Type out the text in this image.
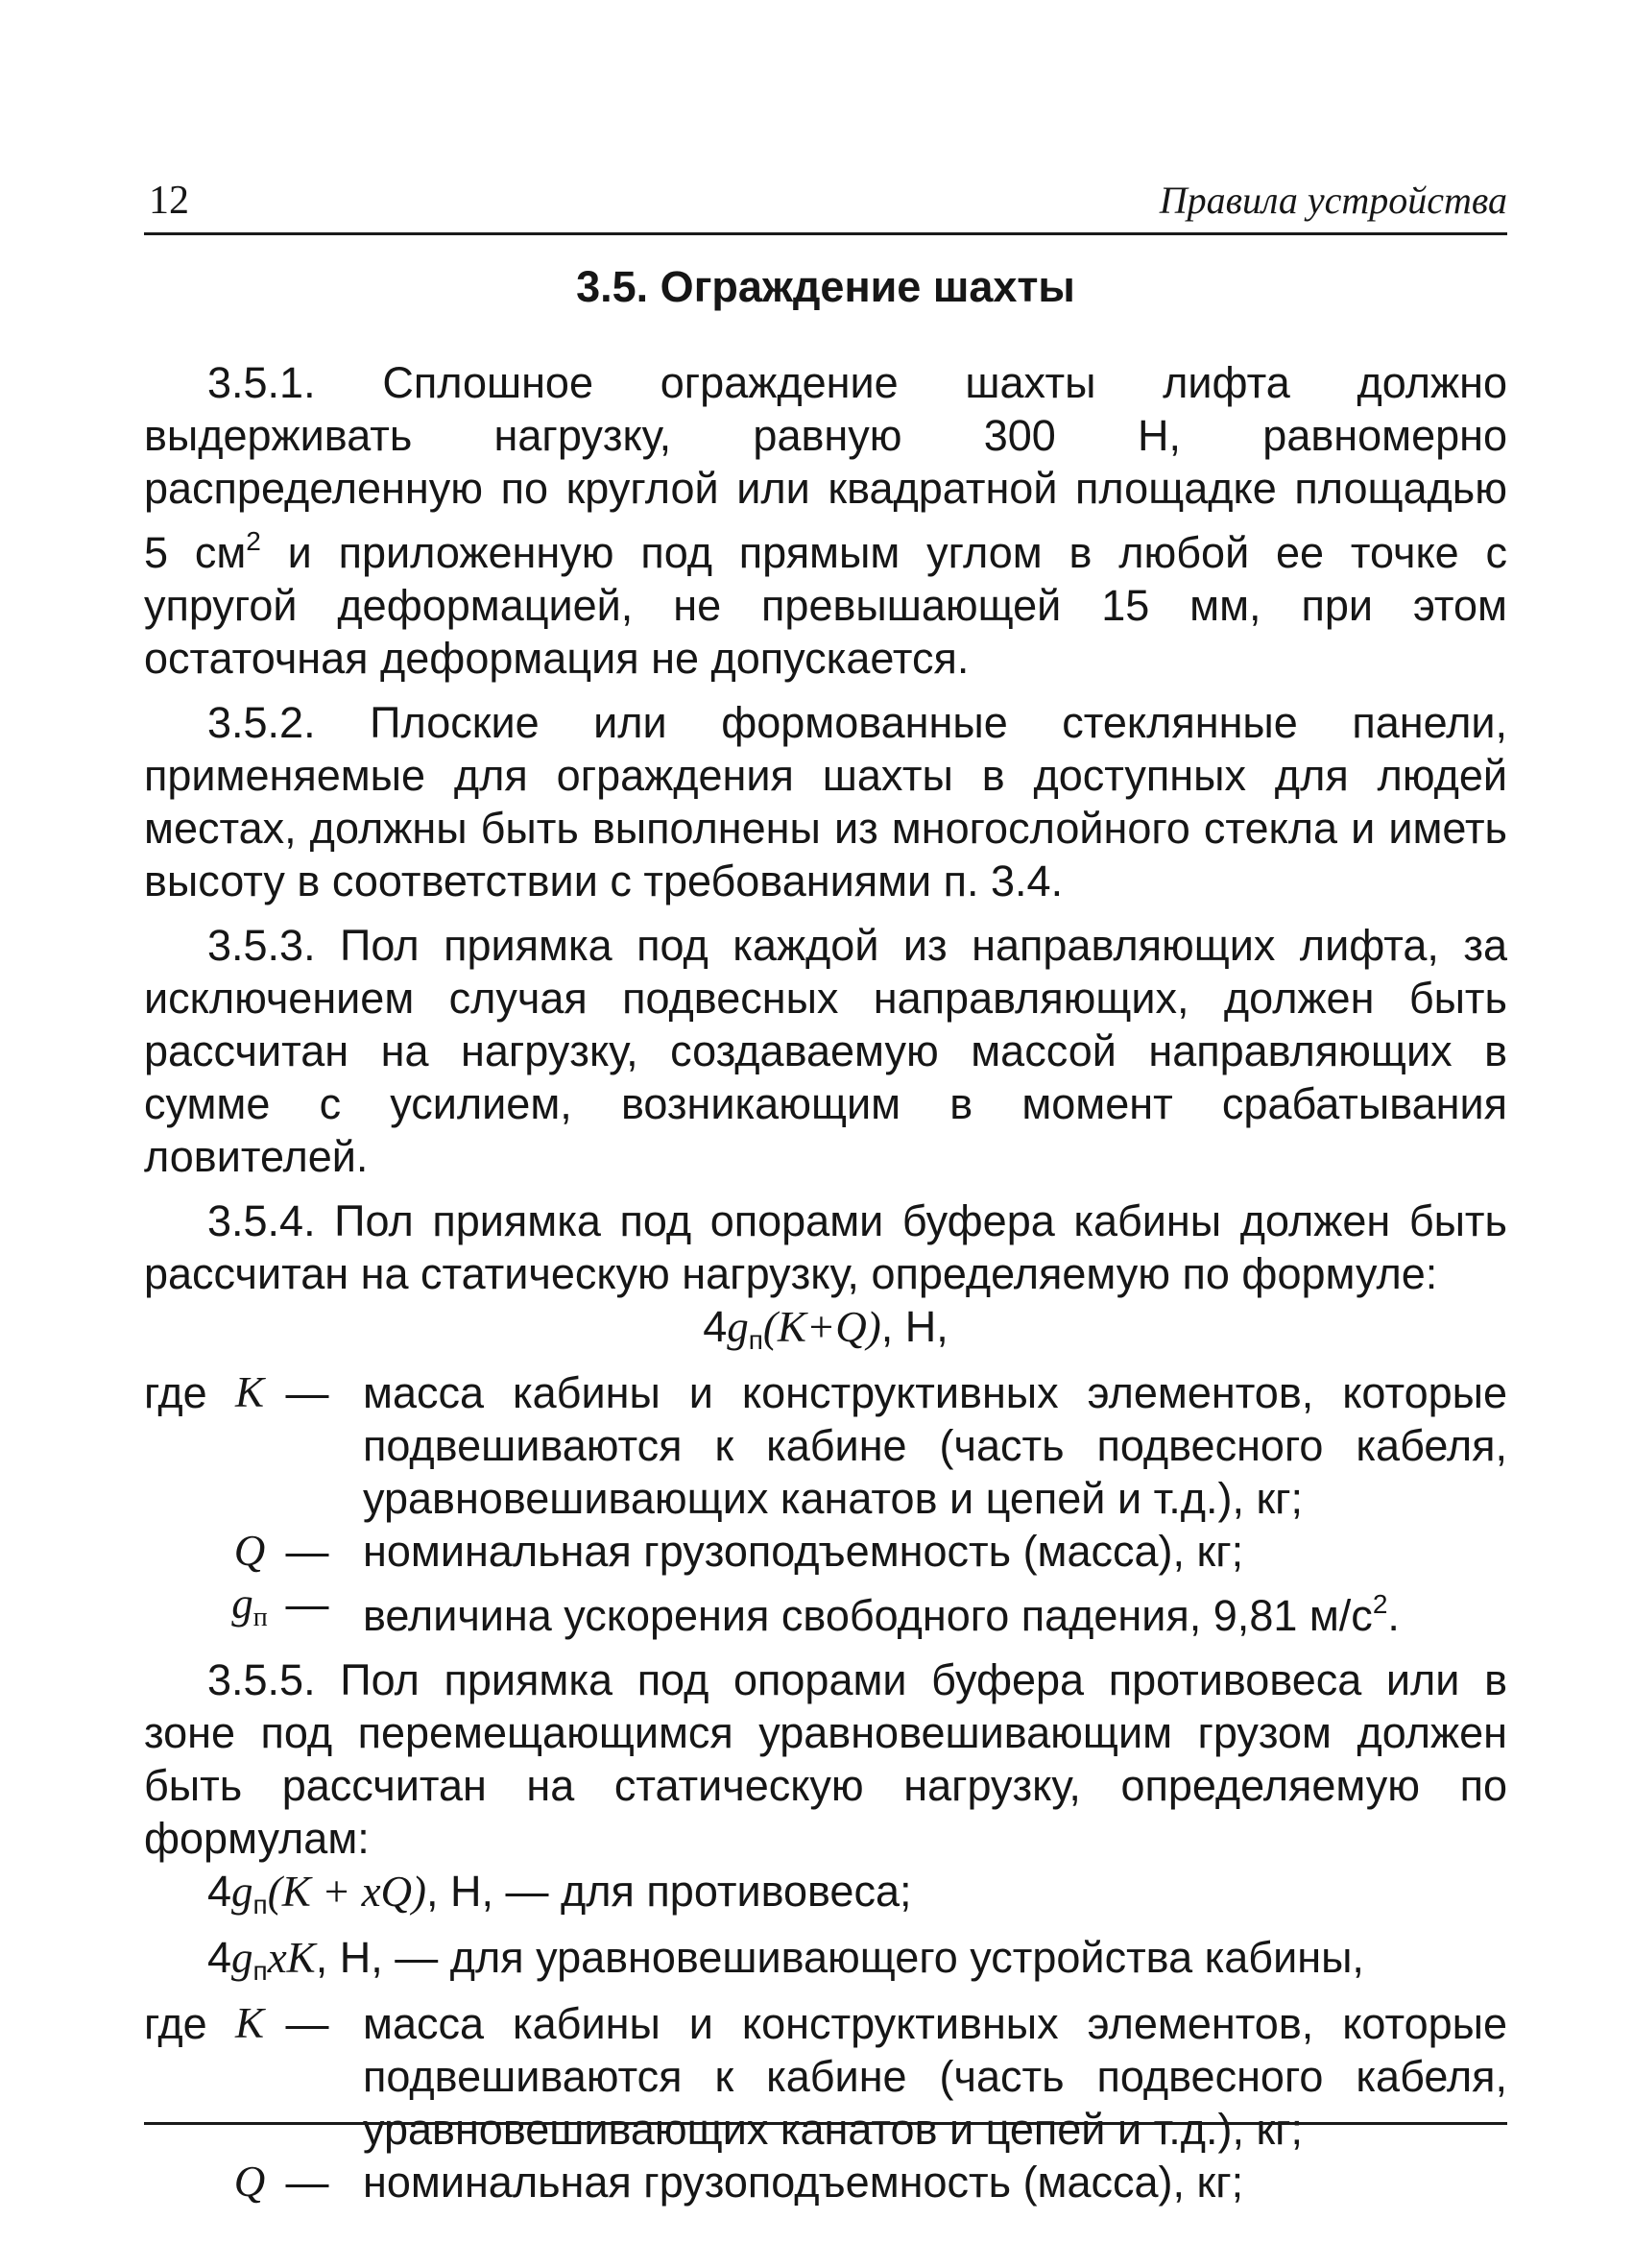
12	Правила устройства
3.5. Ограждение шахты

3.5.1. Сплошное ограждение шахты лифта должно выдерживать нагрузку, равную 300 Н, равномерно распределенную по круглой или квадратной площадке площадью 5 $см^2$ и приложенную под прямым углом в любой ее точке с упругой деформацией, не превышающей 15 мм, при этом остаточная деформация не допускается.

3.5.2. Плоские или формованные стеклянные панели, применяемые для ограждения шахты в доступных для людей местах, должны быть выполнены из многослойного стекла и иметь высоту в соответствии с требованиями п. 3.4.

3.5.3. Пол приямка под каждой из направляющих лифта, за исключением случая подвесных направляющих, должен быть рассчитан на нагрузку, создаваемую массой направляющих в сумме с усилием, возникающим в момент срабатывания ловителей.

3.5.4. Пол приямка под опорами буфера кабины должен быть рассчитан на статическую нагрузку, определяемую по формуле:

$4g_п(K+Q)$, Н,

где K — масса кабины и конструктивных элементов, которые подвешиваются к кабине (часть подвесного кабеля, уравновешивающих канатов и цепей и т.д.), кг;
Q — номинальная грузоподъемность (масса), кг;
$g_п$ — величина ускорения свободного падения, 9,81 $м/с^2$.

3.5.5. Пол приямка под опорами буфера противовеса или в зоне под перемещающимся уравновешивающим грузом должен быть рассчитан на статическую нагрузку, определяемую по формулам:

$4g_п(K + xQ)$, Н, — для противовеса;

$4g_пxK$, Н, — для уравновешивающего устройства кабины,

где K — масса кабины и конструктивных элементов, которые подвешиваются к кабине (часть подвесного кабеля, уравновешивающих канатов и цепей и т.д.), кг;
Q — номинальная грузоподъемность (масса), кг;
